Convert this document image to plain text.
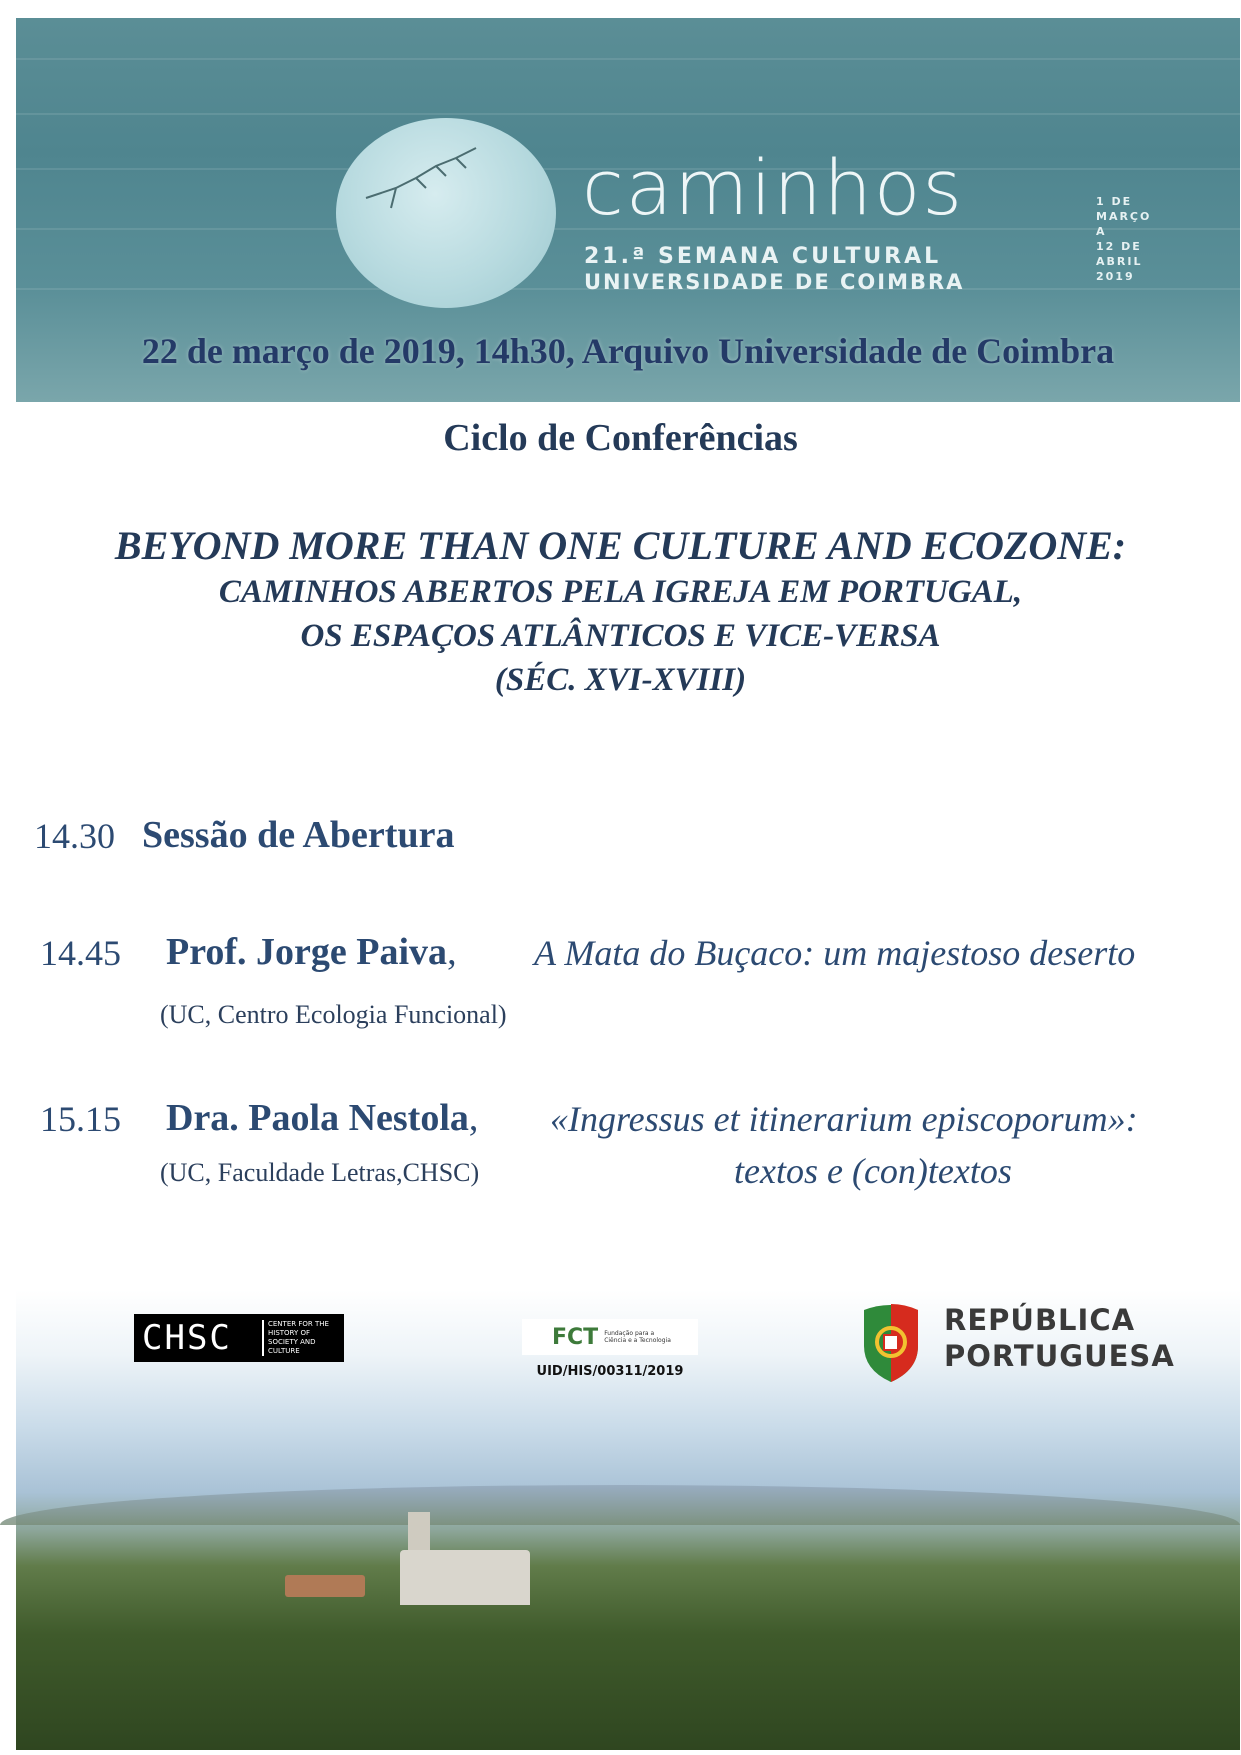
caminhos
21.ª SEMANA CULTURAL
UNIVERSIDADE DE COIMBRA
1 DE
MARÇO
A
12 DE
ABRIL
2019
22 de março de 2019, 14h30, Arquivo Universidade de Coimbra
Ciclo de Conferências
BEYOND MORE THAN ONE CULTURE AND ECOZONE:
CAMINHOS ABERTOS PELA IGREJA EM PORTUGAL,
OS ESPAÇOS ATLÂNTICOS E VICE-VERSA
(SÉC. XVI-XVIII)
14.30 Sessão de Abertura
14.45 Prof. Jorge Paiva, A Mata do Buçaco: um majestoso deserto
(UC, Centro Ecologia Funcional)
15.15 Dra. Paola Nestola, «Ingressus et itinerarium episcoporum»:
textos e (con)textos
(UC, Faculdade Letras,CHSC)
CHSC	CENTER FOR THE HISTORY OF SOCIETY AND CULTURE
FCT	Fundação para a Ciência e a Tecnologia
UID/HIS/00311/2019
REPÚBLICA
PORTUGUESA
